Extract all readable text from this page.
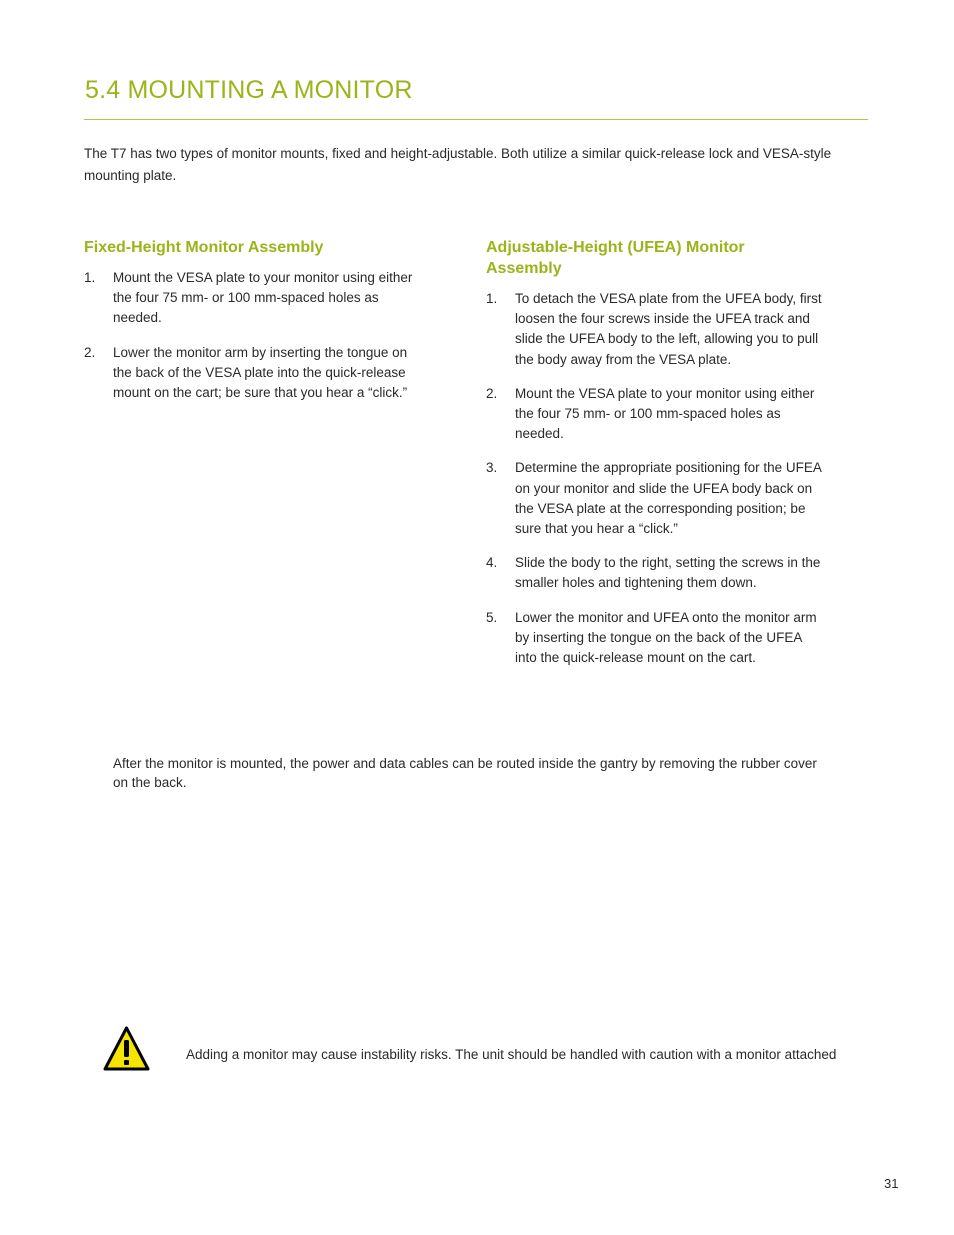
5.4 MOUNTING A MONITOR

The T7 has two types of monitor mounts, fixed and height-adjustable. Both utilize a similar quick-release lock and VESA-style mounting plate.

Fixed-Height Monitor Assembly
1. Mount the VESA plate to your monitor using either the four 75 mm- or 100 mm-spaced holes as needed.
2. Lower the monitor arm by inserting the tongue on the back of the VESA plate into the quick-release mount on the cart; be sure that you hear a “click.”
Adjustable-Height (UFEA) Monitor Assembly
1. To detach the VESA plate from the UFEA body, first loosen the four screws inside the UFEA track and slide the UFEA body to the left, allowing you to pull the body away from the VESA plate.
2. Mount the VESA plate to your monitor using either the four 75 mm- or 100 mm-spaced holes as needed.
3. Determine the appropriate positioning for the UFEA on your monitor and slide the UFEA body back on the VESA plate at the corresponding position; be sure that you hear a “click.”
4. Slide the body to the right, setting the screws in the smaller holes and tightening them down.
5. Lower the monitor and UFEA onto the monitor arm by inserting the tongue on the back of the UFEA into the quick-release mount on the cart.

After the monitor is mounted, the power and data cables can be routed inside the gantry by removing the rubber cover on the back.

Adding a monitor may cause instability risks. The unit should be handled with caution with a monitor attached

31
